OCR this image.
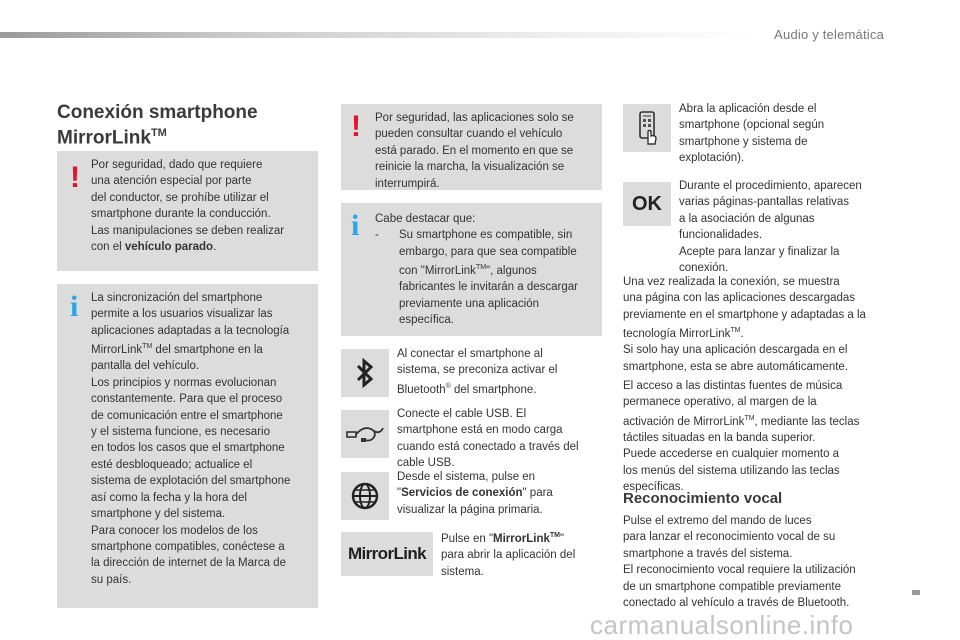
Audio y telemática
Conexión smartphone
MirrorLink™
! Por seguridad, dado que requiere
una atención especial por parte
del conductor, se prohíbe utilizar el
smartphone durante la conducción.
Las manipulaciones se deben realizar
con el vehículo parado.
i La sincronización del smartphone
permite a los usuarios visualizar las
aplicaciones adaptadas a la tecnología
MirrorLink™ del smartphone en la
pantalla del vehículo.
Los principios y normas evolucionan
constantemente. Para que el proceso
de comunicación entre el smartphone
y el sistema funcione, es necesario
en todos los casos que el smartphone
esté desbloqueado; actualice el
sistema de explotación del smartphone
así como la fecha y la hora del
smartphone y del sistema.
Para conocer los modelos de los
smartphone compatibles, conéctese a
la dirección de internet de la Marca de
su país.
! Por seguridad, las aplicaciones solo se
pueden consultar cuando el vehículo
está parado. En el momento en que se
reinicie la marcha, la visualización se
interrumpirá.
i Cabe destacar que:
-	Su smartphone es compatible, sin
embargo, para que sea compatible
con "MirrorLink™", algunos
fabricantes le invitarán a descargar
previamente una aplicación
específica.
Al conectar el smartphone al
sistema, se preconiza activar el
Bluetooth® del smartphone.
Conecte el cable USB. El
smartphone está en modo carga
cuando está conectado a través del
cable USB.
Desde el sistema, pulse en
"Servicios de conexión" para
visualizar la página primaria.
MirrorLink
Pulse en "MirrorLink™"
para abrir la aplicación del
sistema.
Abra la aplicación desde el
smartphone (opcional según
smartphone y sistema de
explotación).
OK
Durante el procedimiento, aparecen
varias páginas-pantallas relativas
a la asociación de algunas
funcionalidades.
Acepte para lanzar y finalizar la
conexión.
Una vez realizada la conexión, se muestra
una página con las aplicaciones descargadas
previamente en el smartphone y adaptadas a la
tecnología MirrorLink™.
Si solo hay una aplicación descargada en el
smartphone, esta se abre automáticamente.
El acceso a las distintas fuentes de música
permanece operativo, al margen de la
activación de MirrorLink™, mediante las teclas
táctiles situadas en la banda superior.
Puede accederse en cualquier momento a
los menús del sistema utilizando las teclas
específicas.
Reconocimiento vocal
Pulse el extremo del mando de luces
para lanzar el reconocimiento vocal de su
smartphone a través del sistema.
El reconocimiento vocal requiere la utilización
de un smartphone compatible previamente
conectado al vehículo a través de Bluetooth.
carmanualsonline.info
